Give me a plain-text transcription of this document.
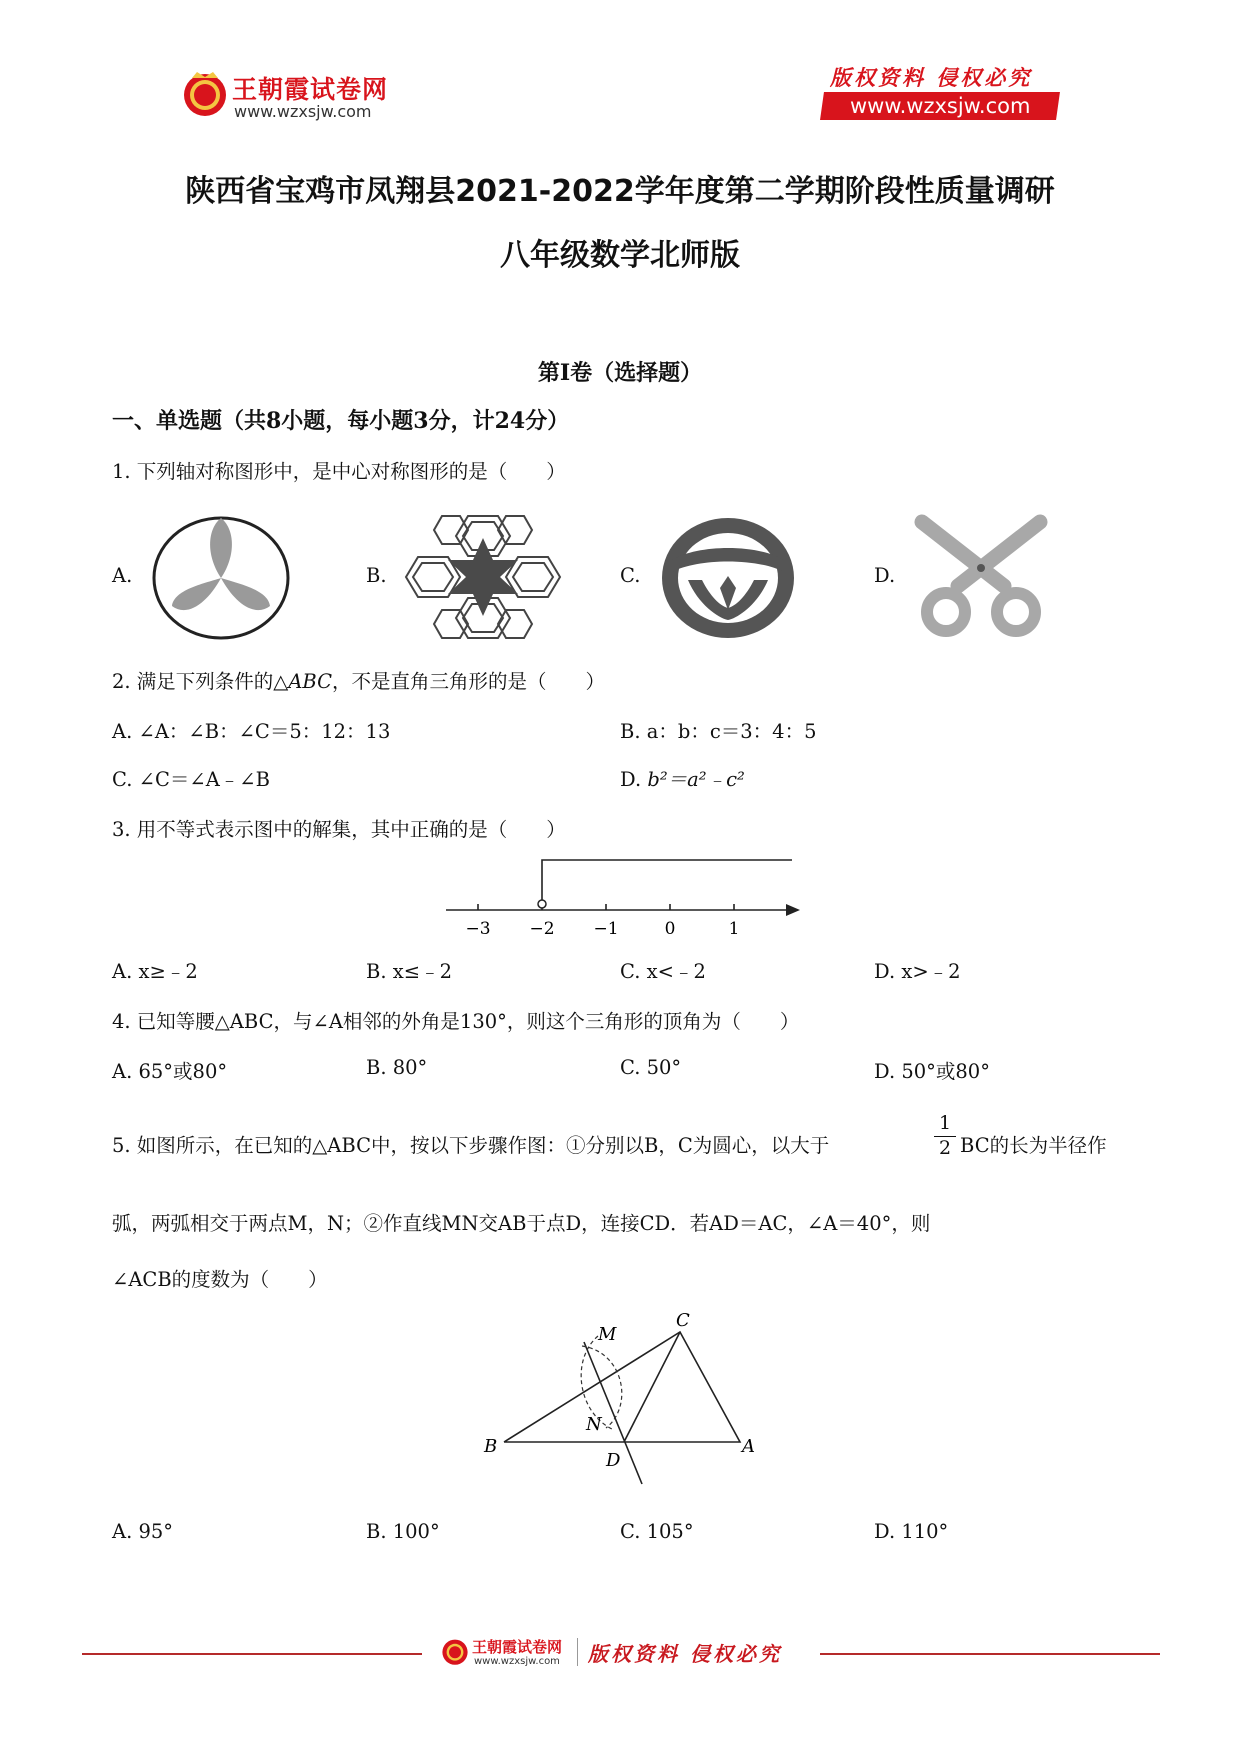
王朝霞试卷网
www.wzxsjw.com
版权资料 侵权必究
www.wzxsjw.com
陕西省宝鸡市凤翔县2021-2022学年度第二学期阶段性质量调研
八年级数学北师版
第I卷（选择题）
一、单选题（共8小题，每小题3分，计24分）
1. 下列轴对称图形中，是中心对称图形的是（　　）
A.	B.	C.	D.
2. 满足下列条件的△ABC，不是直角三角形的是（　　）
A. ∠A：∠B：∠C＝5：12：13	B. a：b：c＝3：4：5
C. ∠C＝∠A﹣∠B	D. b²＝a²﹣c²
3. 用不等式表示图中的解集，其中正确的是（　　）
−3 −2 −1	0	1
A. x≥﹣2	B. x≤﹣2	C. x<﹣2	D. x>﹣2
4. 已知等腰△ABC，与∠A相邻的外角是130°，则这个三角形的顶角为（　　）
A. 65°或80°	B. 80°	C. 50°	D. 50°或80°
5. 如图所示，在已知的△ABC中，按以下步骤作图：①分别以B，C为圆心，以大于
1
2 BC的长为半径作
弧，两弧相交于两点M，N；②作直线MN交AB于点D，连接CD．若AD＝AC，∠A＝40°，则
∠ACB的度数为（　　）
M
C
N
B
D
A
A. 95°	B. 100°	C. 105°	D. 110°
王朝霞试卷网
www.wzxsjw.com 版权资料 侵权必究
